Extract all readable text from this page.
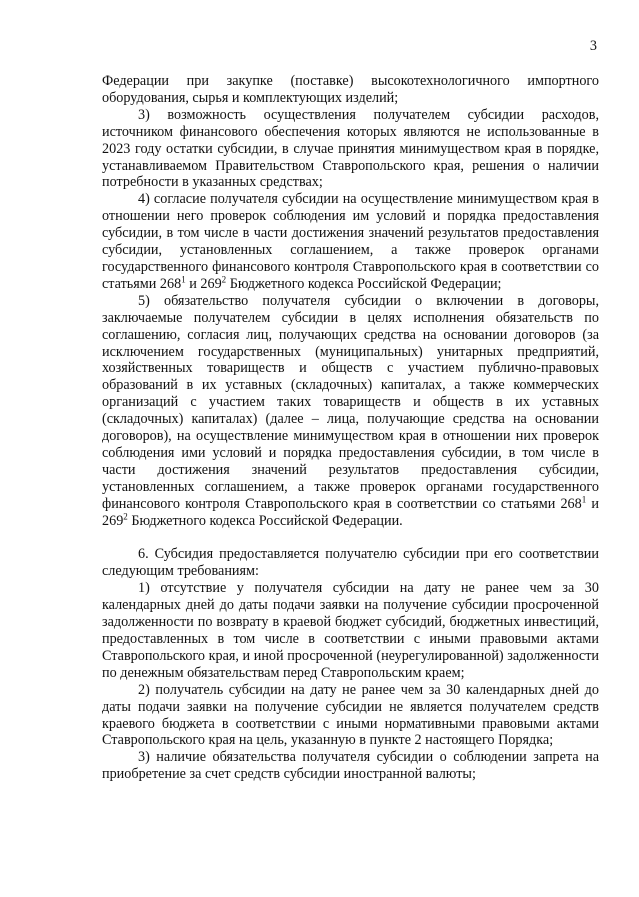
3

Федерации при закупке (поставке) высокотехнологичного импортного оборудования, сырья и комплектующих изделий;

3) возможность осуществления получателем субсидии расходов, источником финансового обеспечения которых являются не использованные в 2023 году остатки субсидии, в случае принятия минимуществом края в порядке, устанавливаемом Правительством Ставропольского края, решения о наличии потребности в указанных средствах;

4) согласие получателя субсидии на осуществление минимуществом края в отношении него проверок соблюдения им условий и порядка предоставления субсидии, в том числе в части достижения значений результатов предоставления субсидии, установленных соглашением, а также проверок органами государственного финансового контроля Ставропольского края в соответствии со статьями $268^1$ и $269^2$ Бюджетного кодекса Российской Федерации;

5) обязательство получателя субсидии о включении в договоры, заключаемые получателем субсидии в целях исполнения обязательств по соглашению, согласия лиц, получающих средства на основании договоров (за исключением государственных (муниципальных) унитарных предприятий, хозяйственных товариществ и обществ с участием публично-правовых образований в их уставных (складочных) капиталах, а также коммерческих организаций с участием таких товариществ и обществ в их уставных (складочных) капиталах) (далее – лица, получающие средства на основании договоров), на осуществление минимуществом края в отношении них проверок соблюдения ими условий и порядка предоставления субсидии, в том числе в части достижения значений результатов предоставления субсидии, установленных соглашением, а также проверок органами государственного финансового контроля Ставропольского края в соответствии со статьями $268^1$ и $269^2$ Бюджетного кодекса Российской Федерации.

6. Субсидия предоставляется получателю субсидии при его соответствии следующим требованиям:

1) отсутствие у получателя субсидии на дату не ранее чем за 30 календарных дней до даты подачи заявки на получение субсидии просроченной задолженности по возврату в краевой бюджет субсидий, бюджетных инвестиций, предоставленных в том числе в соответствии с иными правовыми актами Ставропольского края, и иной просроченной (неурегулированной) задолженности по денежным обязательствам перед Ставропольским краем;

2) получатель субсидии на дату не ранее чем за 30 календарных дней до даты подачи заявки на получение субсидии не является получателем средств краевого бюджета в соответствии с иными нормативными правовыми актами Ставропольского края на цель, указанную в пункте 2 настоящего Порядка;

3) наличие обязательства получателя субсидии о соблюдении запрета на приобретение за счет средств субсидии иностранной валюты;
